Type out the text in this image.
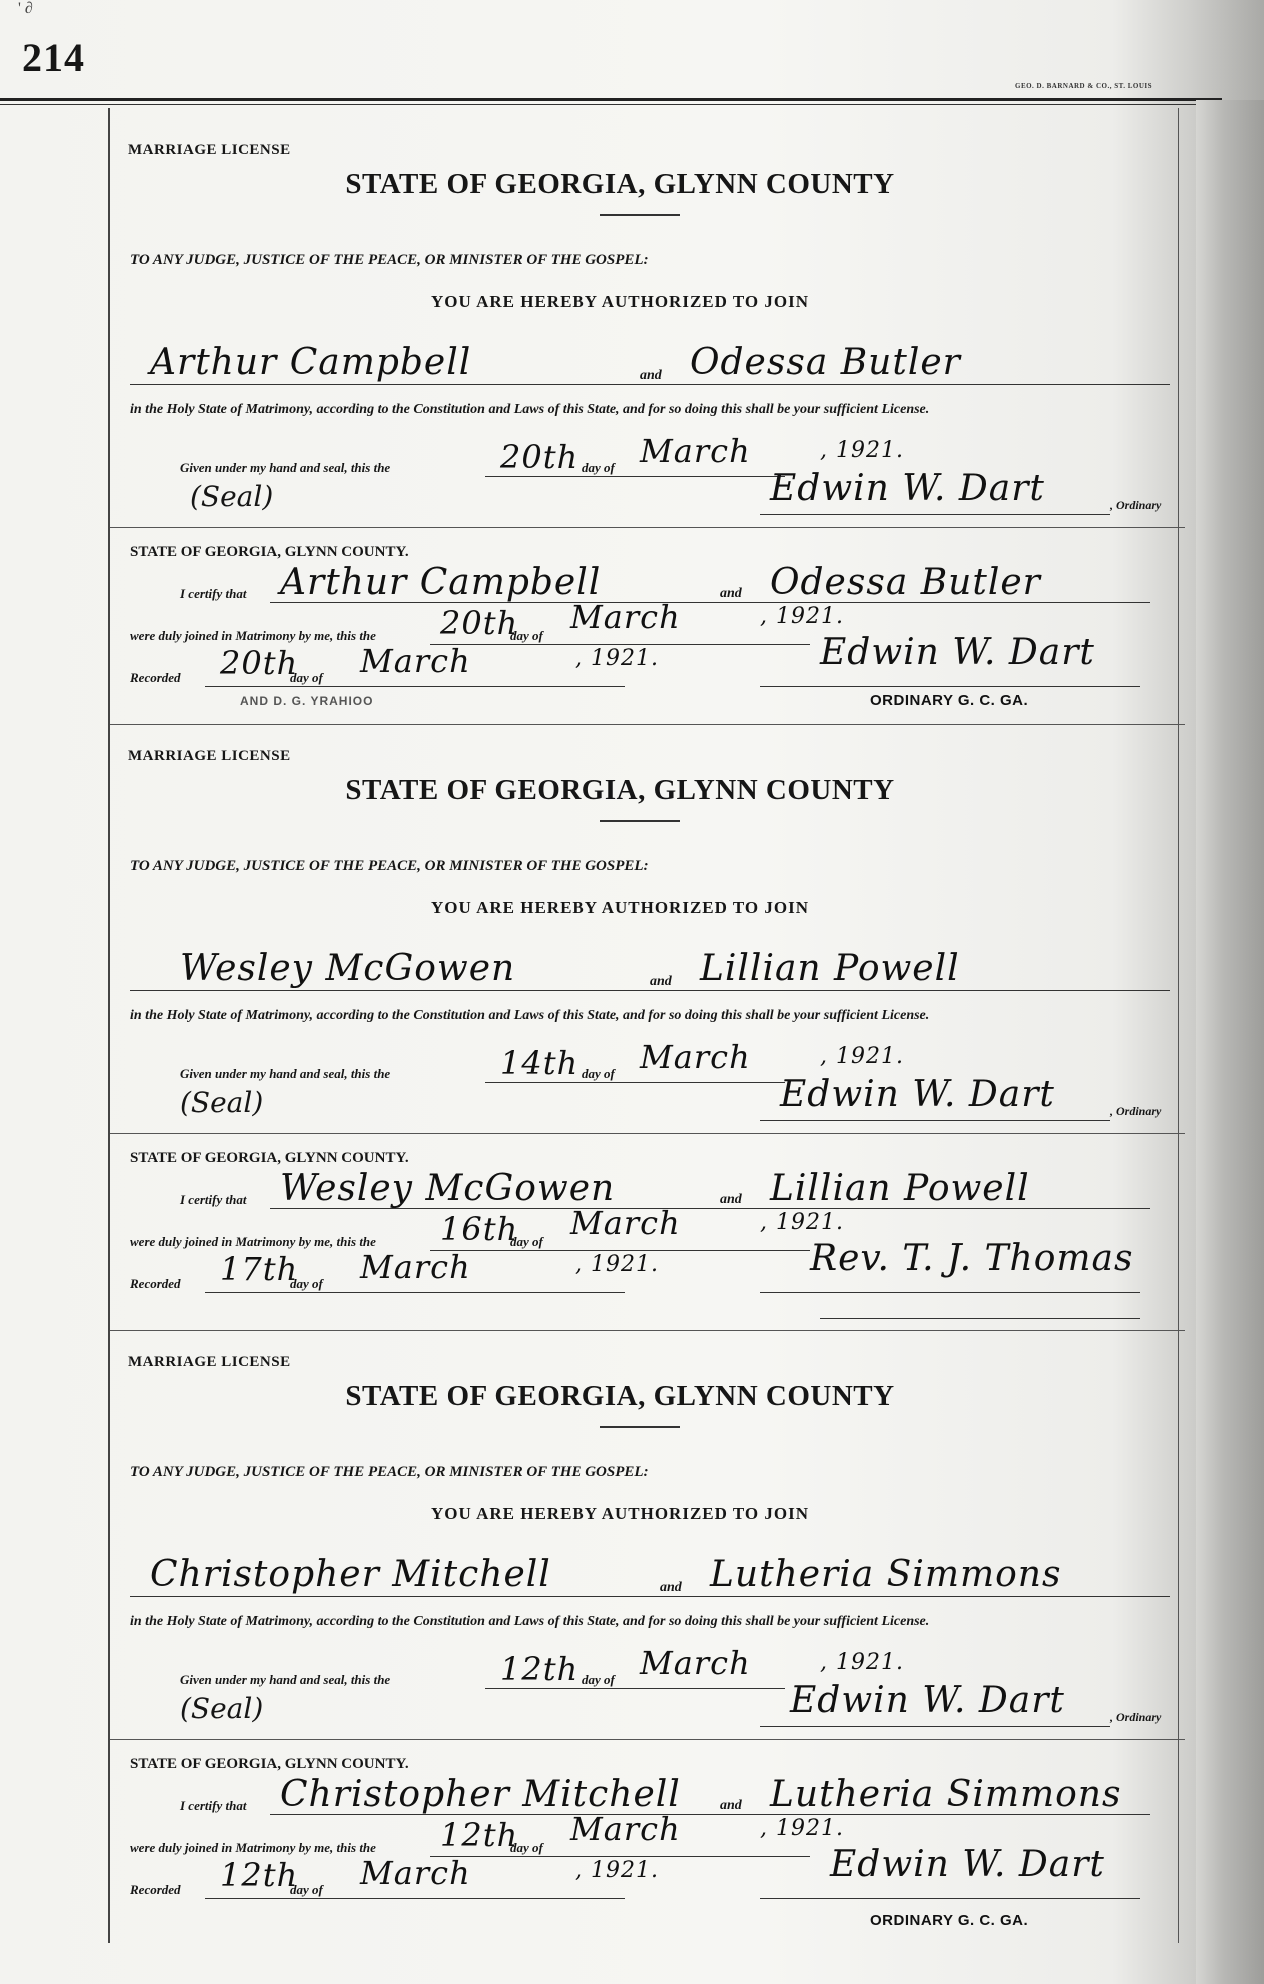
' ∂
214
GEO. D. BARNARD & CO., ST. LOUIS
MARRIAGE LICENSE
STATE OF GEORGIA, GLYNN COUNTY
TO ANY JUDGE, JUSTICE OF THE PEACE, OR MINISTER OF THE GOSPEL:
YOU ARE HEREBY AUTHORIZED TO JOIN
Arthur Campbell	and Odessa Butler
in the Holy State of Matrimony, according to the Constitution and Laws of this State, and for so doing this shall be your sufficient License.
Given under my hand and seal, this the	20th day of March	, 1921.
(Seal)	Edwin W. Dart	, Ordinary
STATE OF GEORGIA, GLYNN COUNTY.
I certify that Arthur Campbell	and Odessa Butler
were duly joined in Matrimony by me, this the 20th
day of March	, 1921.
Recorded 20th
day of March	, 1921.	Edwin W. Dart
AND D. G. YRAHIOO	ORDINARY G. C. GA.
MARRIAGE LICENSE
STATE OF GEORGIA, GLYNN COUNTY
TO ANY JUDGE, JUSTICE OF THE PEACE, OR MINISTER OF THE GOSPEL:
YOU ARE HEREBY AUTHORIZED TO JOIN
Wesley McGowen	and Lillian Powell
in the Holy State of Matrimony, according to the Constitution and Laws of this State, and for so doing this shall be your sufficient License.
Given under my hand and seal, this the	14th day of March	, 1921.
(Seal)	Edwin W. Dart	, Ordinary
STATE OF GEORGIA, GLYNN COUNTY.
I certify that Wesley McGowen	and Lillian Powell
were duly joined in Matrimony by me, this the 16th
day of March	, 1921.
Recorded 17th
day of March	, 1921.	Rev. T. J. Thomas
MARRIAGE LICENSE
STATE OF GEORGIA, GLYNN COUNTY
TO ANY JUDGE, JUSTICE OF THE PEACE, OR MINISTER OF THE GOSPEL:
YOU ARE HEREBY AUTHORIZED TO JOIN
Christopher Mitchell	and Lutheria Simmons
in the Holy State of Matrimony, according to the Constitution and Laws of this State, and for so doing this shall be your sufficient License.
Given under my hand and seal, this the	12th day of March	, 1921.
(Seal)	Edwin W. Dart	, Ordinary
STATE OF GEORGIA, GLYNN COUNTY.
I certify that Christopher Mitchell	and Lutheria Simmons
were duly joined in Matrimony by me, this the 12th
day of March	, 1921.
Recorded 12th
day of March	, 1921.	Edwin W. Dart
ORDINARY G. C. GA.
